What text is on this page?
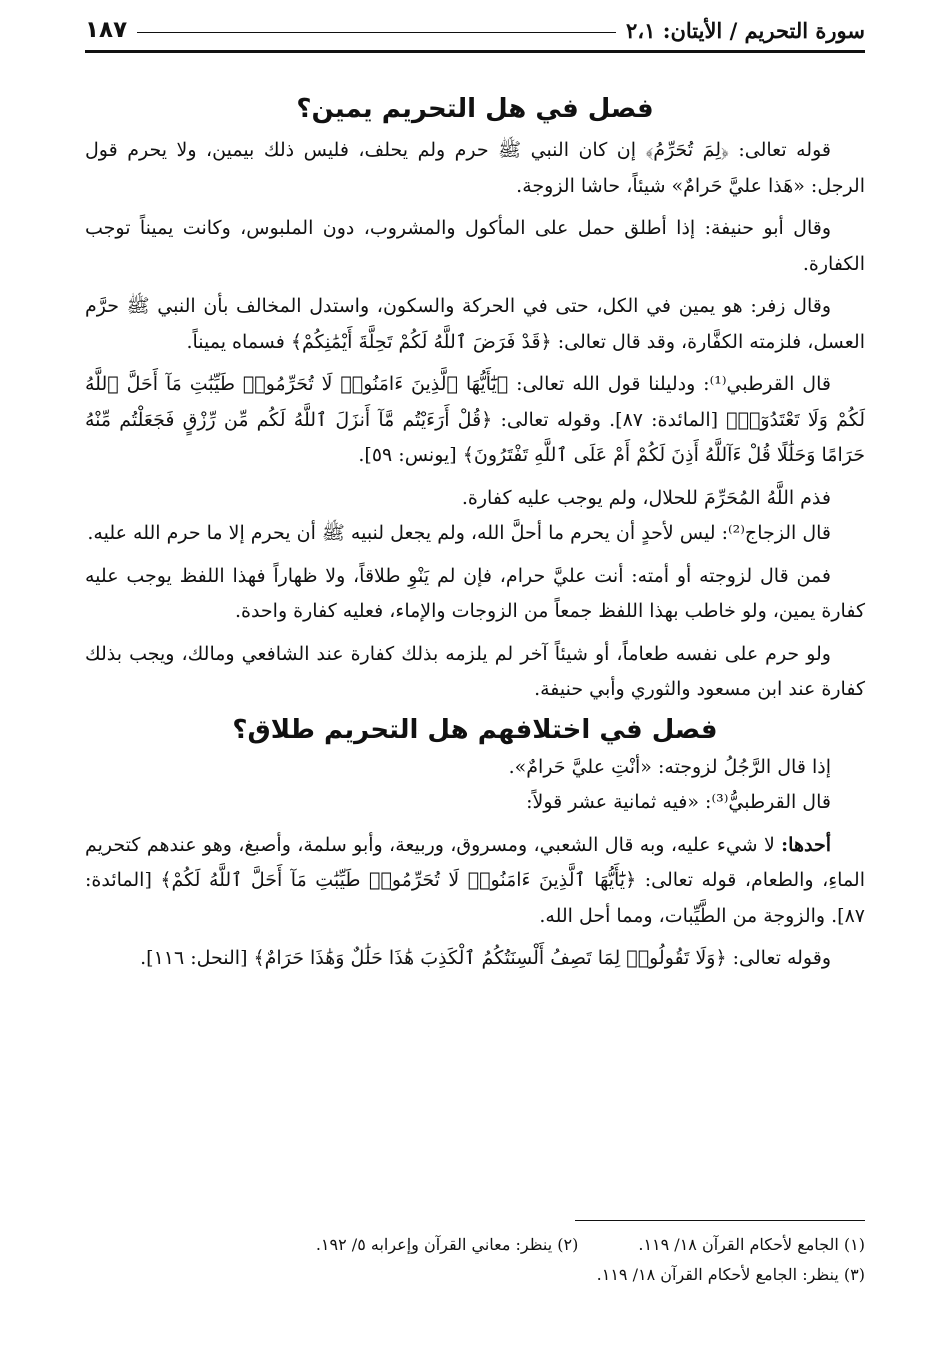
سورة التحريم / الأيتان: ٢،١
١٨٧
فصل في هل التحريم يمين؟

قوله تعالى: ﴿لِمَ تُحَرِّمُ﴾ إن كان النبي ﷺ حرم ولم يحلف، فليس ذلك بيمين، ولا يحرم قول الرجل: «هَذا عليَّ حَرامٌ» شيئاً، حاشا الزوجة.

وقال أبو حنيفة: إذا أطلق حمل على المأكول والمشروب، دون الملبوس، وكانت يميناً توجب الكفارة.

وقال زفر: هو يمين في الكل، حتى في الحركة والسكون، واستدل المخالف بأن النبي ﷺ حرَّم العسل، فلزمته الكفَّارة، وقد قال تعالى: ﴿قَدْ فَرَضَ ٱللَّهُ لَكُمْ تَحِلَّةَ أَيْمَٰنِكُمْ﴾ فسماه يميناً.

قال القرطبي⁽¹⁾: ودليلنا قول الله تعالى: ﴿يَٰٓأَيُّهَا ٱلَّذِينَ ءَامَنُوا۟ لَا تُحَرِّمُوا۟ طَيِّبَٰتِ مَآ أَحَلَّ ٱللَّهُ لَكُمْ وَلَا تَعْتَدُوٓا۟﴾ [المائدة: ٨٧]. وقوله تعالى: ﴿قُلْ أَرَءَيْتُم مَّآ أَنزَلَ ٱللَّهُ لَكُم مِّن رِّزْقٍ فَجَعَلْتُم مِّنْهُ حَرَامًا وَحَلَٰلًا قُلْ ءَآللَّهُ أَذِنَ لَكُمْ أَمْ عَلَى ٱللَّهِ تَفْتَرُونَ﴾ [يونس: ٥٩].

فذم اللَّهُ المُحَرِّمَ للحلال، ولم يوجب عليه كفارة.

قال الزجاج⁽²⁾: ليس لأحدٍ أن يحرم ما أحلَّ الله، ولم يجعل لنبيه ﷺ أن يحرم إلا ما حرم الله عليه.

فمن قال لزوجته أو أمته: أنت عليَّ حرام، فإن لم يَنْوِ طلاقاً، ولا ظهاراً فهذا اللفظ يوجب عليه كفارة يمين، ولو خاطب بهذا اللفظ جمعاً من الزوجات والإماء، فعليه كفارة واحدة.

ولو حرم على نفسه طعاماً، أو شيئاً آخر لم يلزمه بذلك كفارة عند الشافعي ومالك، ويجب بذلك كفارة عند ابن مسعود والثوري وأبي حنيفة.

فصل في اختلافهم هل التحريم طلاق؟

إذا قال الرَّجُلُ لزوجته: «أنْتِ عليَّ حَرامٌ».

قال القرطبيُّ⁽³⁾: «فيه ثمانية عشر قولاً:

أحدها: لا شيء عليه، وبه قال الشعبي، ومسروق، وربيعة، وأبو سلمة، وأصبغ، وهو عندهم كتحريم الماءِ، والطعام، قوله تعالى: ﴿يَٰٓأَيُّهَا ٱلَّذِينَ ءَامَنُوا۟ لَا تُحَرِّمُوا۟ طَيِّبَٰتِ مَآ أَحَلَّ ٱللَّهُ لَكُمْ﴾ [المائدة: ٨٧]. والزوجة من الطَّيِّبات، ومما أحل الله.

وقوله تعالى: ﴿وَلَا تَقُولُوا۟ لِمَا تَصِفُ أَلْسِنَتُكُمُ ٱلْكَذِبَ هَٰذَا حَلَٰلٌ وَهَٰذَا حَرَامٌ﴾ [النحل: ١١٦].

(١) الجامع لأحكام القرآن ١٨/ ١١٩.
(٢) ينظر: معاني القرآن وإعرابه ٥/ ١٩٢.
(٣) ينظر: الجامع لأحكام القرآن ١٨/ ١١٩.
